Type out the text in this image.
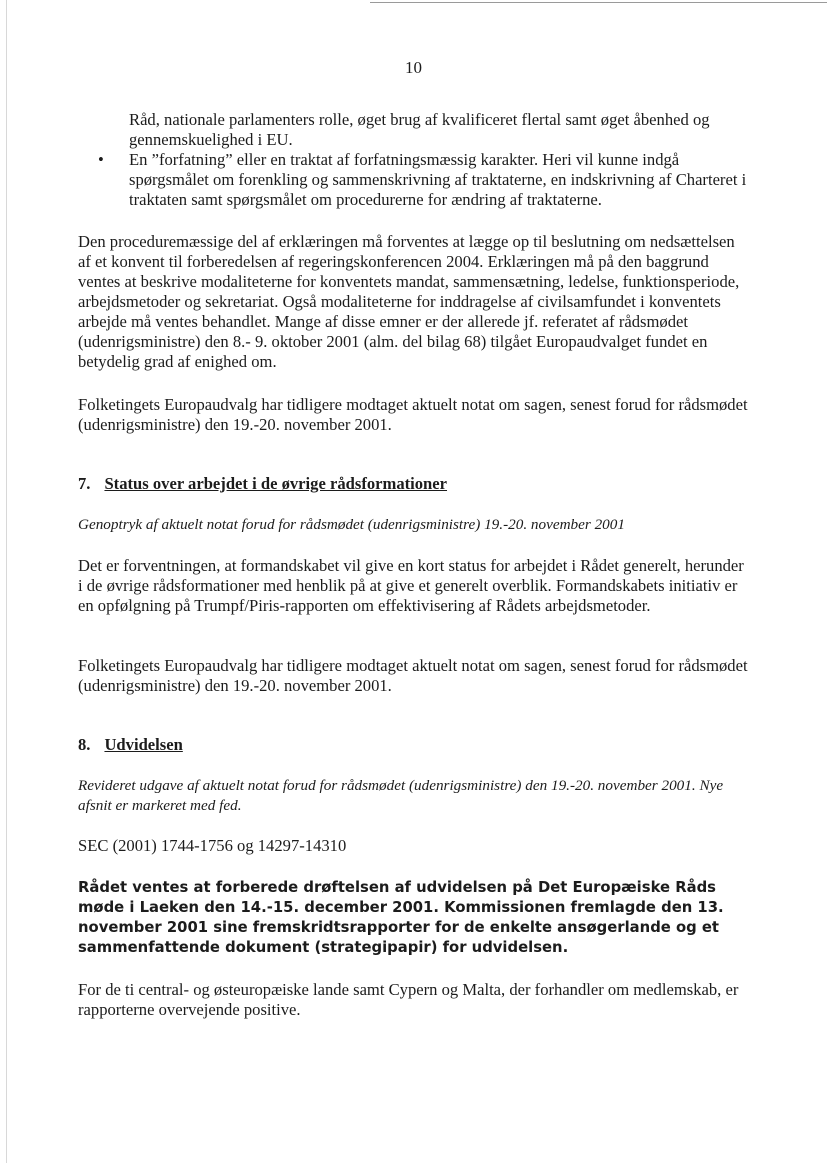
10
Råd, nationale parlamenters rolle, øget brug af kvalificeret flertal samt øget åbenhed og gennemskuelighed i EU.
• En ”forfatning” eller en traktat af forfatningsmæssig karakter. Heri vil kunne indgå spørgsmålet om forenkling og sammenskrivning af traktaterne, en indskrivning af Charteret i traktaten samt spørgsmålet om procedurerne for ændring af traktaterne.
Den proceduremæssige del af erklæringen må forventes at lægge op til beslutning om nedsættelsen af et konvent til forberedelsen af regeringskonferencen 2004. Erklæringen må på den baggrund ventes at beskrive modaliteterne for konventets mandat, sammensætning, ledelse, funktionsperiode, arbejdsmetoder og sekretariat. Også modaliteterne for inddragelse af civilsamfundet i konventets arbejde må ventes behandlet. Mange af disse emner er der allerede jf. referatet af rådsmødet (udenrigsministre) den 8.- 9. oktober 2001 (alm. del bilag 68) tilgået Europaudvalget fundet en betydelig grad af enighed om.
Folketingets Europaudvalg har tidligere modtaget aktuelt notat om sagen, senest forud for rådsmødet (udenrigsministre) den 19.-20. november 2001.
7. Status over arbejdet i de øvrige rådsformationer
Genoptryk af aktuelt notat forud for rådsmødet (udenrigsministre) 19.-20. november 2001
Det er forventningen, at formandskabet vil give en kort status for arbejdet i Rådet generelt, herunder i de øvrige rådsformationer med henblik på at give et generelt overblik. Formandskabets initiativ er en opfølgning på Trumpf/Piris-rapporten om effektivisering af Rådets arbejdsmetoder.
Folketingets Europaudvalg har tidligere modtaget aktuelt notat om sagen, senest forud for rådsmødet (udenrigsministre) den 19.-20. november 2001.
8. Udvidelsen
Revideret udgave af aktuelt notat forud for rådsmødet (udenrigsministre) den 19.-20. november 2001. Nye afsnit er markeret med fed.
SEC (2001) 1744-1756 og 14297-14310
Rådet ventes at forberede drøftelsen af udvidelsen på Det Europæiske Råds møde i Laeken den 14.-15. december 2001. Kommissionen fremlagde den 13. november 2001 sine fremskridtsrapporter for de enkelte ansøgerlande og et sammenfattende dokument (strategipapir) for udvidelsen.
For de ti central- og østeuropæiske lande samt Cypern og Malta, der forhandler om medlemskab, er rapporterne overvejende positive.
